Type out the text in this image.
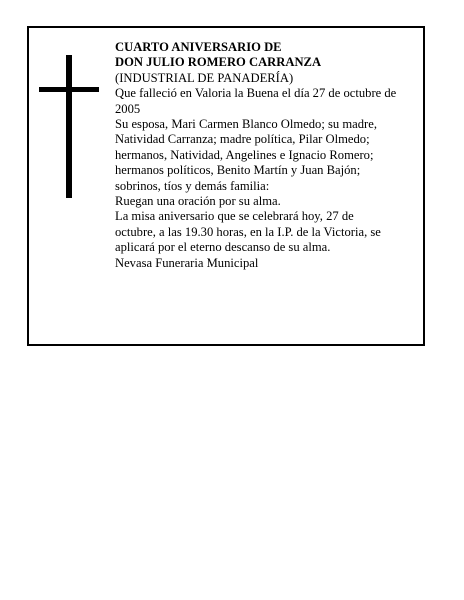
CUARTO ANIVERSARIO DE
DON JULIO ROMERO CARRANZA
(INDUSTRIAL DE PANADERÍA)
Que falleció en Valoria la Buena el día 27 de octubre de
2005
Su esposa, Mari Carmen Blanco Olmedo; su madre,
Natividad Carranza; madre política, Pilar Olmedo;
hermanos, Natividad, Angelines e Ignacio Romero;
hermanos políticos, Benito Martín y Juan Bajón;
sobrinos, tíos y demás familia:
Ruegan una oración por su alma.
La misa aniversario que se celebrará hoy, 27 de
octubre, a las 19.30 horas, en la I.P. de la Victoria, se
aplicará por el eterno descanso de su alma.
Nevasa Funeraria Municipal
